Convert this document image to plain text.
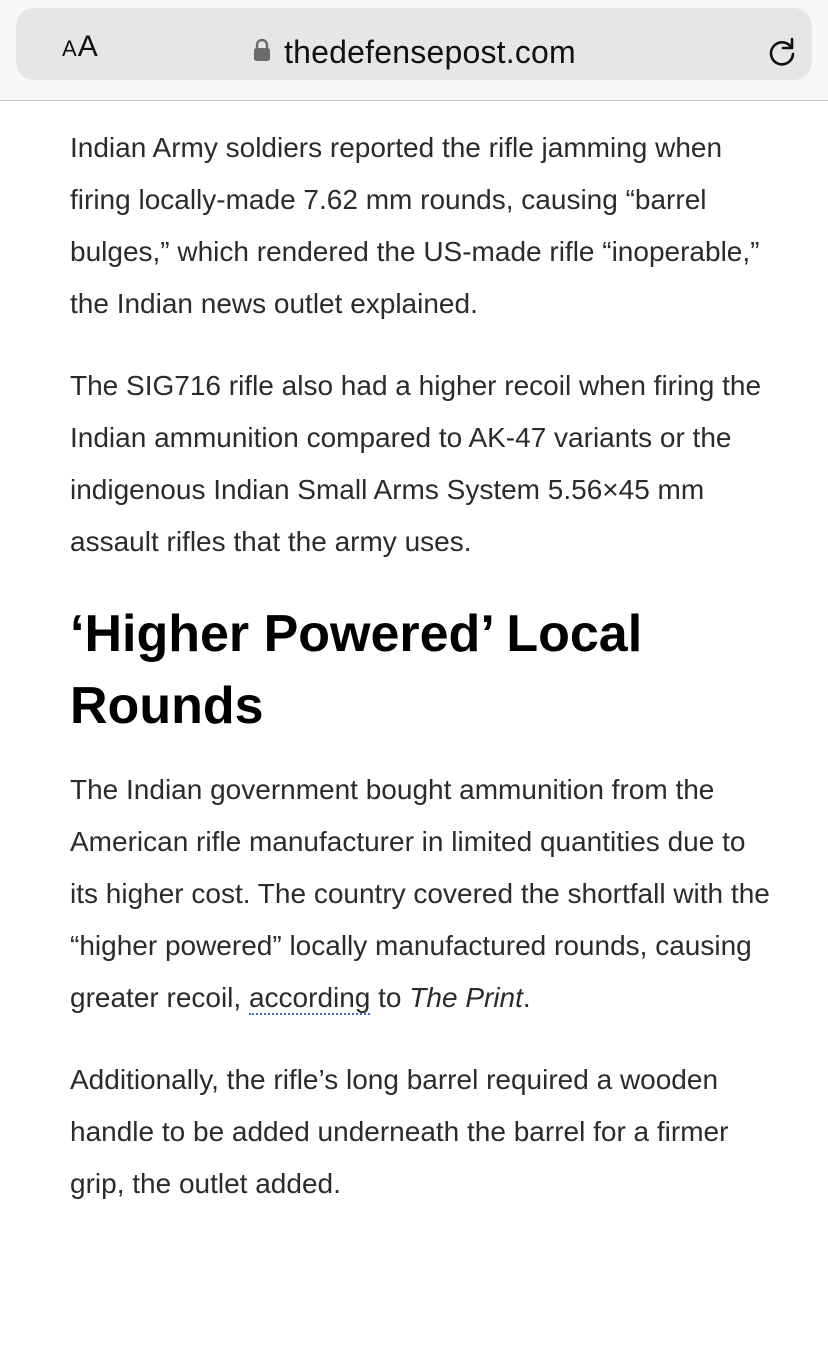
A A	thedefensepost.com

Indian Army soldiers reported the rifle jamming when firing locally-made 7.62 mm rounds, causing “barrel bulges,” which rendered the US-made rifle “inoperable,” the Indian news outlet explained.

The SIG716 rifle also had a higher recoil when firing the Indian ammunition compared to AK-47 variants or the indigenous Indian Small Arms System 5.56×45 mm assault rifles that the army uses.

‘Higher Powered’ Local Rounds

The Indian government bought ammunition from the American rifle manufacturer in limited quantities due to its higher cost. The country covered the shortfall with the “higher powered” locally manufactured rounds, causing greater recoil, according to The Print.

Additionally, the rifle’s long barrel required a wooden handle to be added underneath the barrel for a firmer grip, the outlet added.
